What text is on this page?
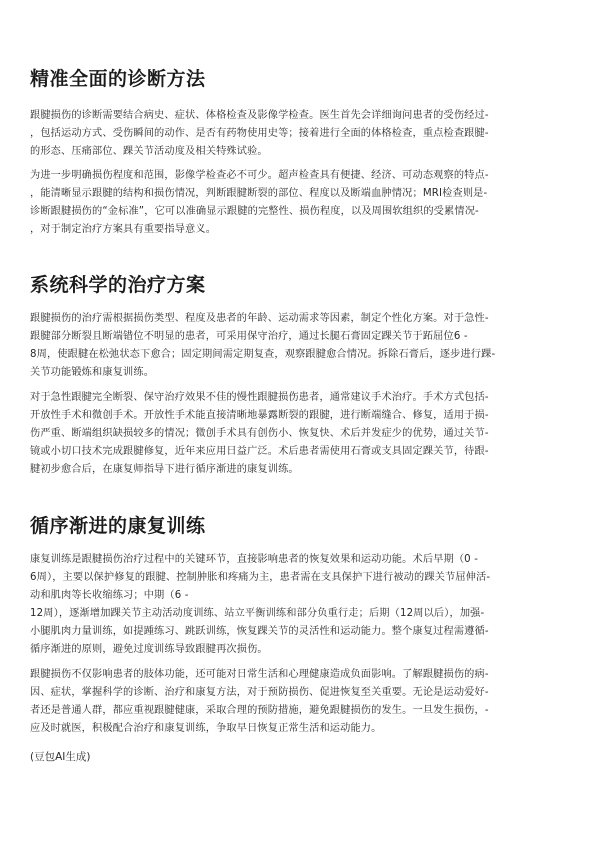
精准全面的诊断方法
跟腱损伤的诊断需要结合病史、症状、体格检查及影像学检查。医生首先会详细询问患者的受伤经过-
，包括运动方式、受伤瞬间的动作、是否有药物使用史等；接着进行全面的体格检查，重点检查跟腱-
的形态、压痛部位、踝关节活动度及相关特殊试验。
为进一步明确损伤程度和范围，影像学检查必不可少。超声检查具有便捷、经济、可动态观察的特点-
，能清晰显示跟腱的结构和损伤情况，判断跟腱断裂的部位、程度以及断端血肿情况；MRI检查则是-
诊断跟腱损伤的“金标准”，它可以准确显示跟腱的完整性、损伤程度，以及周围软组织的受累情况-
，对于制定治疗方案具有重要指导意义。
系统科学的治疗方案
跟腱损伤的治疗需根据损伤类型、程度及患者的年龄、运动需求等因素，制定个性化方案。对于急性-
跟腱部分断裂且断端错位不明显的患者，可采用保守治疗，通过长腿石膏固定踝关节于跖屈位6 -
8周，使跟腱在松弛状态下愈合；固定期间需定期复查，观察跟腱愈合情况。拆除石膏后，逐步进行踝-
关节功能锻炼和康复训练。
对于急性跟腱完全断裂、保守治疗效果不佳的慢性跟腱损伤患者，通常建议手术治疗。手术方式包括-
开放性手术和微创手术。开放性手术能直接清晰地暴露断裂的跟腱，进行断端缝合、修复，适用于损-
伤严重、断端组织缺损较多的情况；微创手术具有创伤小、恢复快、术后并发症少的优势，通过关节-
镜或小切口技术完成跟腱修复，近年来应用日益广泛。术后患者需使用石膏或支具固定踝关节，待跟-
腱初步愈合后，在康复师指导下进行循序渐进的康复训练。
循序渐进的康复训练
康复训练是跟腱损伤治疗过程中的关键环节，直接影响患者的恢复效果和运动功能。术后早期（0 -
6周），主要以保护修复的跟腱、控制肿胀和疼痛为主，患者需在支具保护下进行被动的踝关节屈伸活-
动和肌肉等长收缩练习；中期（6 -
12周），逐渐增加踝关节主动活动度训练、站立平衡训练和部分负重行走；后期（12周以后），加强-
小腿肌肉力量训练，如提踵练习、跳跃训练，恢复踝关节的灵活性和运动能力。整个康复过程需遵循-
循序渐进的原则，避免过度训练导致跟腱再次损伤。
跟腱损伤不仅影响患者的肢体功能，还可能对日常生活和心理健康造成负面影响。了解跟腱损伤的病-
因、症状，掌握科学的诊断、治疗和康复方法，对于预防损伤、促进恢复至关重要。无论是运动爱好-
者还是普通人群，都应重视跟腱健康，采取合理的预防措施，避免跟腱损伤的发生。一旦发生损伤，-
应及时就医，积极配合治疗和康复训练，争取早日恢复正常生活和运动能力。
(豆包AI生成)
